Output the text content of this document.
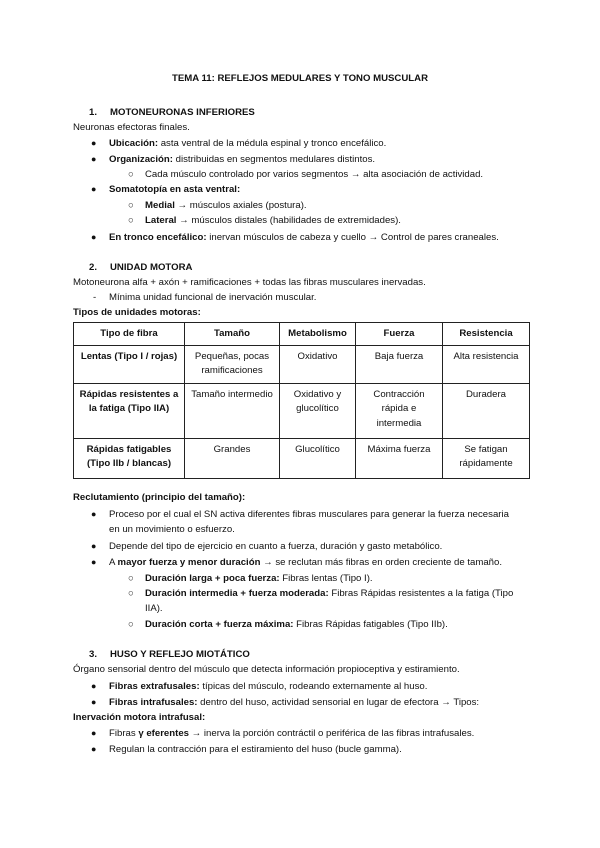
TEMA 11: REFLEJOS MEDULARES Y TONO MUSCULAR
1. MOTONEURONAS INFERIORES
Neuronas efectoras finales.
● Ubicación: asta ventral de la médula espinal y tronco encefálico.
● Organización: distribuidas en segmentos medulares distintos.
○ Cada músculo controlado por varios segmentos → alta asociación de actividad.
● Somatotopía en asta ventral:
○ Medial → músculos axiales (postura).
○ Lateral → músculos distales (habilidades de extremidades).
● En tronco encefálico: inervan músculos de cabeza y cuello → Control de pares craneales.
2. UNIDAD MOTORA
Motoneurona alfa + axón + ramificaciones + todas las fibras musculares inervadas.
- Mínima unidad funcional de inervación muscular.
Tipos de unidades motoras:
Tipo de fibra	Tamaño	Metabolismo	Fuerza	Resistencia
Lentas (Tipo I / rojas)	Pequeñas, pocas ramificaciones	Oxidativo	Baja fuerza	Alta resistencia
Rápidas resistentes a la fatiga (Tipo IIA)	Tamaño intermedio	Oxidativo y glucolítico	Contracción rápida e intermedia	Duradera
Rápidas fatigables (Tipo IIb / blancas)	Grandes	Glucolítico	Máxima fuerza	Se fatigan rápidamente
Reclutamiento (principio del tamaño):
● Proceso por el cual el SN activa diferentes fibras musculares para generar la fuerza necesaria
en un movimiento o esfuerzo.
● Depende del tipo de ejercicio en cuanto a fuerza, duración y gasto metabólico.
● A mayor fuerza y menor duración → se reclutan más fibras en orden creciente de tamaño.
○ Duración larga + poca fuerza: Fibras lentas (Tipo I).
○ Duración intermedia + fuerza moderada: Fibras Rápidas resistentes a la fatiga (Tipo
IIA).
○ Duración corta + fuerza máxima: Fibras Rápidas fatigables (Tipo IIb).
3. HUSO Y REFLEJO MIOTÁTICO
Órgano sensorial dentro del músculo que detecta información propioceptiva y estiramiento.
● Fibras extrafusales: típicas del músculo, rodeando externamente al huso.
● Fibras intrafusales: dentro del huso, actividad sensorial en lugar de efectora → Tipos:
Inervación motora intrafusal:
● Fibras γ eferentes → inerva la porción contráctil o periférica de las fibras intrafusales.
● Regulan la contracción para el estiramiento del huso (bucle gamma).
